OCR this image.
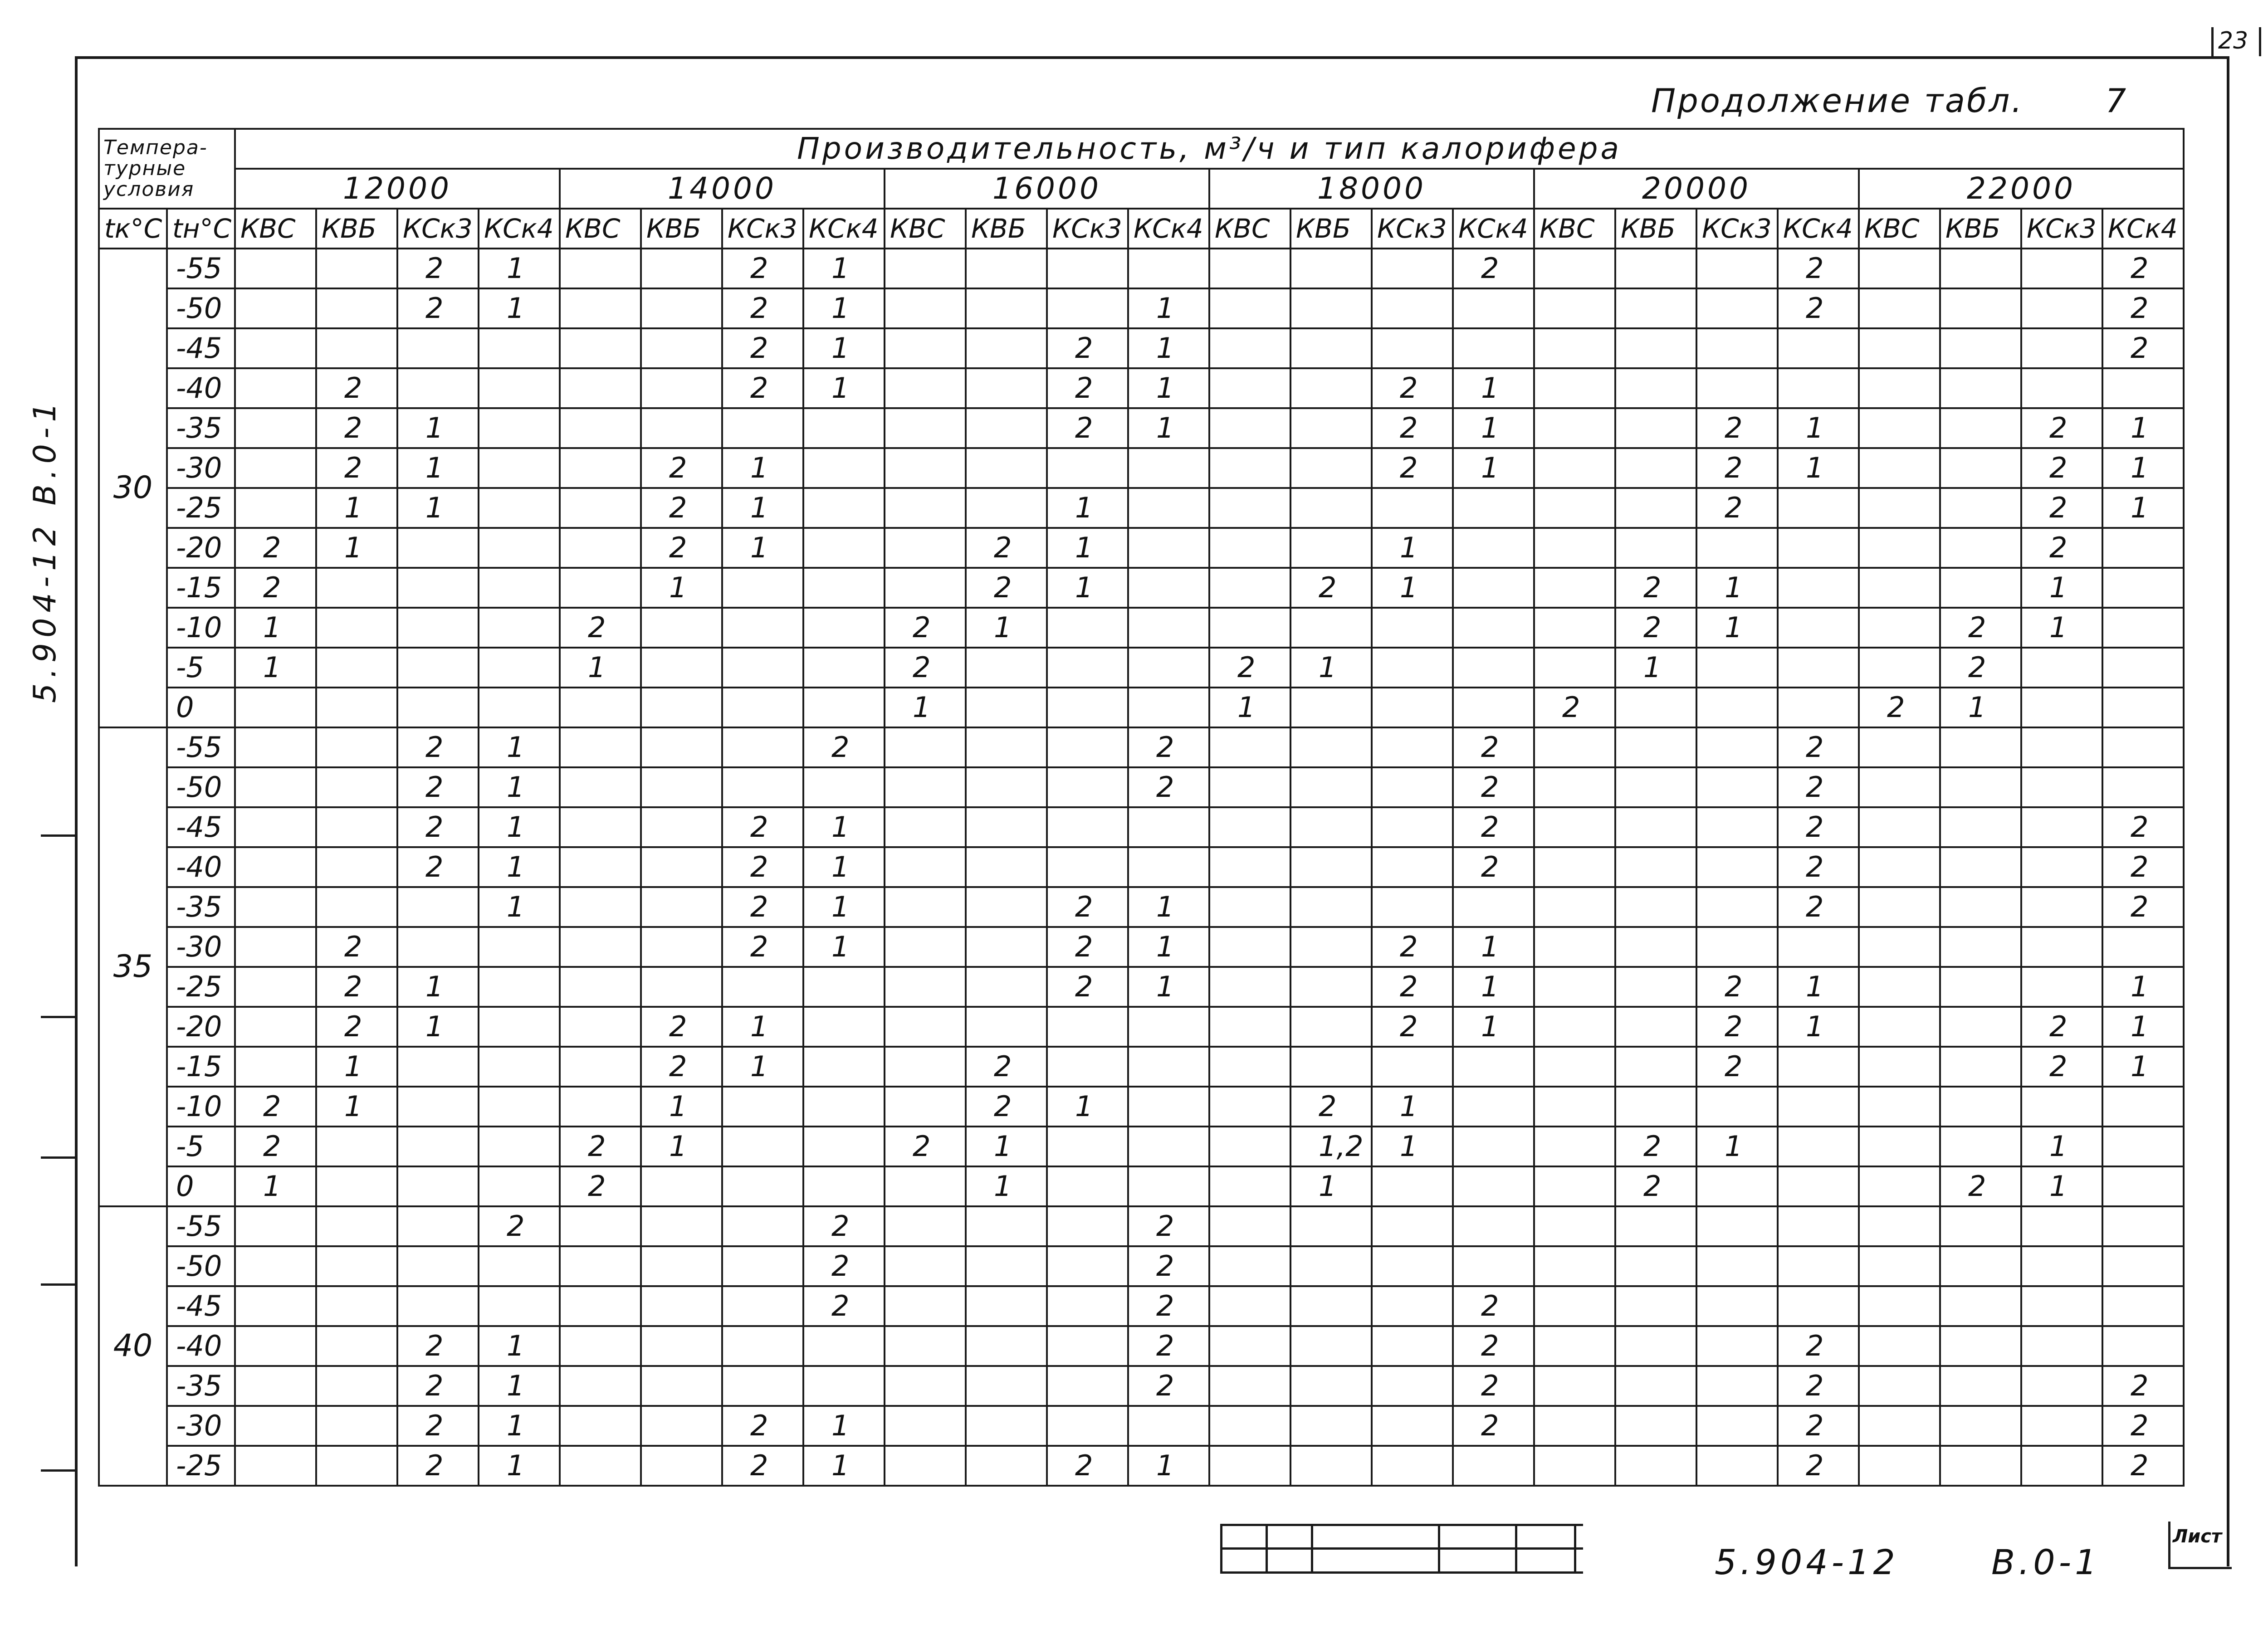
23
5.904-12 В.0-1
Продолжение табл.	7
Темпера-турные условия		Производительность, м³/ч и тип калорифера																							
		12000				14000				16000				18000				20000				22000			
tк°С	tн°С	КВС	КВБ	КСк3	КСк4	КВС	КВБ	КСк3	КСк4	КВС	КВБ	КСк3	КСк4	КВС	КВБ	КСк3	КСк4	КВС	КВБ	КСк3	КСк4	КВС	КВБ	КСк3	КСк4
30	-55			2	1			2	1								2				2				2
	-50			2	1			2	1				1								2				2
	-45							2	1			2	1												2
	-40		2					2	1			2	1			2	1								
	-35		2	1								2	1			2	1			2	1			2	1
	-30		2	1			2	1								2	1			2	1			2	1
	-25		1	1			2	1				1								2				2	1
	-20	2	1				2	1			2	1				1								2	
	-15	2					1				2	1			2	1			2	1				1	
	-10	1				2				2	1								2	1			2	1	
	-5	1				1				2				2	1				1				2		
	0									1				1				2				2	1		
35	-55			2	1				2				2				2				2				
	-50			2	1								2				2				2				
	-45			2	1			2	1								2				2				2
	-40			2	1			2	1								2				2				2
	-35				1			2	1			2	1								2				2
	-30		2					2	1			2	1			2	1								
	-25		2	1								2	1			2	1			2	1				1
	-20		2	1			2	1								2	1			2	1			2	1
	-15		1				2	1			2									2				2	1
	-10	2	1				1				2	1			2	1									
	-5	2				2	1			2	1				1,2	1			2	1				1	
	0	1				2					1				1				2				2	1	
40	-55				2				2				2												
	-50								2				2												
	-45								2				2				2								
	-40			2	1								2				2				2				
	-35			2	1								2				2				2				2
	-30			2	1			2	1								2				2				2
	-25			2	1			2	1			2	1								2				2
5.904-12	В.0-1
Лист
